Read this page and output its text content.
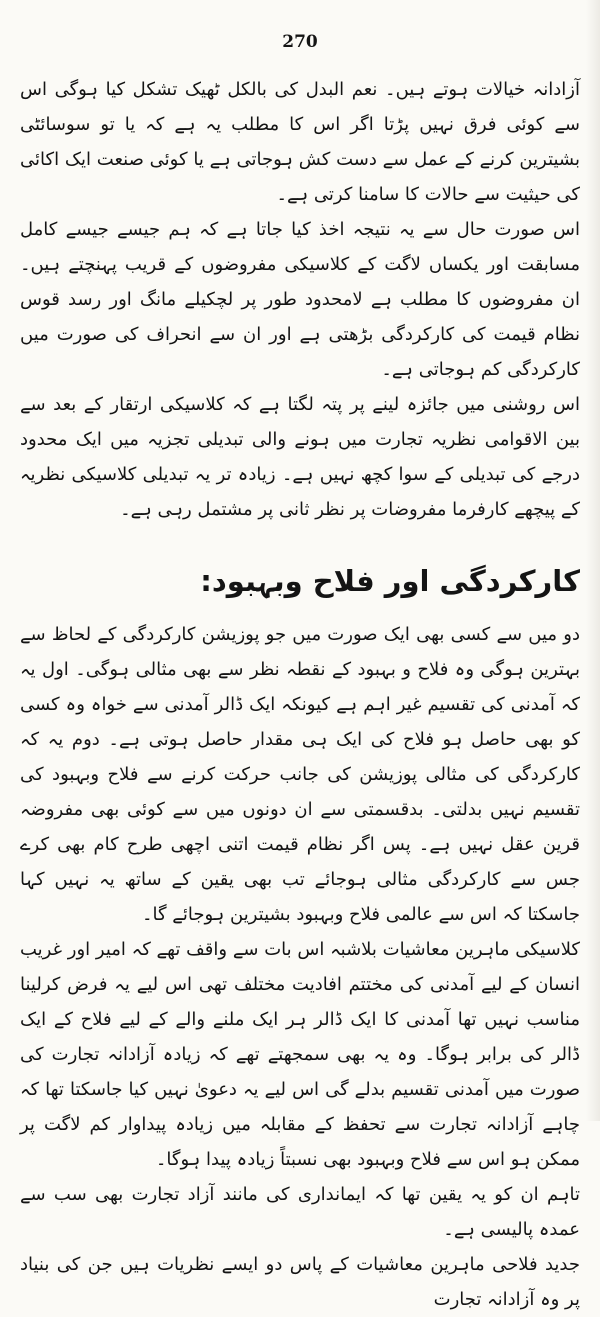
270

آزادانہ خیالات ہوتے ہیں۔ نعم البدل کی بالکل ٹھیک تشکل کیا ہوگی اس سے کوئی فرق نہیں پڑتا اگر اس کا مطلب یہ ہے کہ یا تو سوسائٹی بشیترین کرنے کے عمل سے دست کش ہوجاتی ہے یا کوئی صنعت ایک اکائی کی حیثیت سے حالات کا سامنا کرتی ہے۔

اس صورت حال سے یہ نتیجہ اخذ کیا جاتا ہے کہ ہم جیسے جیسے کامل مسابقت اور یکساں لاگت کے کلاسیکی مفروضوں کے قریب پہنچتے ہیں۔ ان مفروضوں کا مطلب ہے لامحدود طور پر لچکیلے مانگ اور رسد قوس نظام قیمت کی کارکردگی بڑھتی ہے اور ان سے انحراف کی صورت میں کارکردگی کم ہوجاتی ہے۔

اس روشنی میں جائزہ لینے پر پتہ لگتا ہے کہ کلاسیکی ارتقار کے بعد سے بین الاقوامی نظریہ تجارت میں ہونے والی تبدیلی تجزیہ میں ایک محدود درجے کی تبدیلی کے سوا کچھ نہیں ہے۔ زیادہ تر یہ تبدیلی کلاسیکی نظریہ کے پیچھے کارفرما مفروضات پر نظر ثانی پر مشتمل رہی ہے۔

کارکردگی اور فلاح وبہبود:

دو میں سے کسی بھی ایک صورت میں جو پوزیشن کارکردگی کے لحاظ سے بہترین ہوگی وہ فلاح و بہبود کے نقطہ نظر سے بھی مثالی ہوگی۔ اول یہ کہ آمدنی کی تقسیم غیر اہم ہے کیونکہ ایک ڈالر آمدنی سے خواہ وہ کسی کو بھی حاصل ہو فلاح کی ایک ہی مقدار حاصل ہوتی ہے۔ دوم یہ کہ کارکردگی کی مثالی پوزیشن کی جانب حرکت کرنے سے فلاح وبہبود کی تقسیم نہیں بدلتی۔ بدقسمتی سے ان دونوں میں سے کوئی بھی مفروضہ قرین عقل نہیں ہے۔ پس اگر نظام قیمت اتنی اچھی طرح کام بھی کرے جس سے کارکردگی مثالی ہوجائے تب بھی یقین کے ساتھ یہ نہیں کہا جاسکتا کہ اس سے عالمی فلاح وبہبود بشیترین ہوجائے گا۔

کلاسیکی ماہرین معاشیات بلاشبہ اس بات سے واقف تھے کہ امیر اور غریب انسان کے لیے آمدنی کی مختتم افادیت مختلف تھی اس لیے یہ فرض کرلینا مناسب نہیں تھا آمدنی کا ایک ڈالر ہر ایک ملنے والے کے لیے فلاح کے ایک ڈالر کی برابر ہوگا۔ وہ یہ بھی سمجھتے تھے کہ زیادہ آزادانہ تجارت کی صورت میں آمدنی تقسیم بدلے گی اس لیے یہ دعویٰ نہیں کیا جاسکتا تھا کہ چاہے آزادانہ تجارت سے تحفظ کے مقابلہ میں زیادہ پیداوار کم لاگت پر ممکن ہو اس سے فلاح وبہبود بھی نسبتاً زیادہ پیدا ہوگا۔

تاہم ان کو یہ یقین تھا کہ ایمانداری کی مانند آزاد تجارت بھی سب سے عمدہ پالیسی ہے۔

جدید فلاحی ماہرین معاشیات کے پاس دو ایسے نظریات ہیں جن کی بنیاد پر وہ آزادانہ تجارت
